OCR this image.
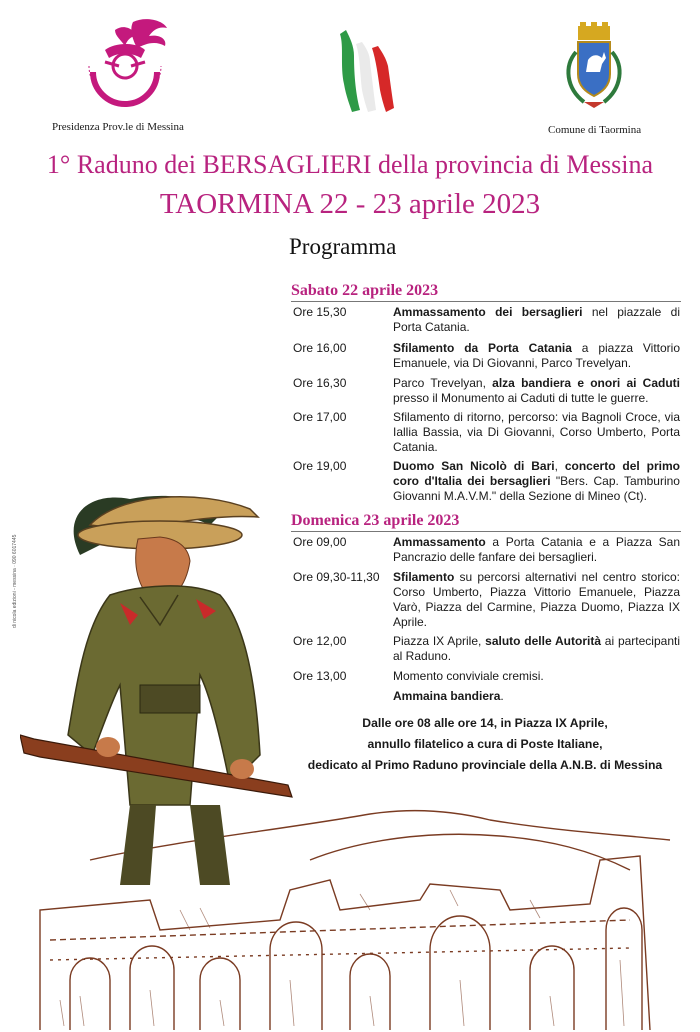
Presidenza Prov.le di Messina	Comune di Taormina
1° Raduno dei BERSAGLIERI della provincia di Messina
TAORMINA 22 - 23 aprile 2023
Programma
Sabato 22 aprile 2023
Ore 15,30	Ammassamento dei bersaglieri nel piazzale di Porta Catania.
Ore 16,00	Sfilamento da Porta Catania a piazza Vittorio Emanuele, via Di Giovanni, Parco Trevelyan.
Ore 16,30	Parco Trevelyan, alza bandiera e onori ai Caduti presso il Monumento ai Caduti di tutte le guerre.
Ore 17,00	Sfilamento di ritorno, percorso: via Bagnoli Croce, via Iallia Bassia, via Di Giovanni, Corso Umberto, Porta Catania.
Ore 19,00	Duomo San Nicolò di Bari, concerto del primo coro d'Italia dei bersaglieri "Bers. Cap. Tamburino Giovanni M.A.V.M." della Sezione di Mineo (Ct).
Domenica 23 aprile 2023
Ore 09,00	Ammassamento a Porta Catania e a Piazza San Pancrazio delle fanfare dei bersaglieri.
Ore 09,30-11,30 Sfilamento su percorsi alternativi nel centro storico: Corso Umberto, Piazza Vittorio Emanuele, Piazza Varò, Piazza del Carmine, Piazza Duomo, Piazza IX Aprile.
Ore 12,00	Piazza IX Aprile, saluto delle Autorità ai partecipanti al Raduno.
Ore 13,00	Momento conviviale cremisi.
Ammaina bandiera.
Dalle ore 08 alle ore 14, in Piazza IX Aprile,
annullo filatelico a cura di Poste Italiane,
dedicato al Primo Raduno provinciale della A.N.B. di Messina
di nicola edizioni - messina · 090 6017445
